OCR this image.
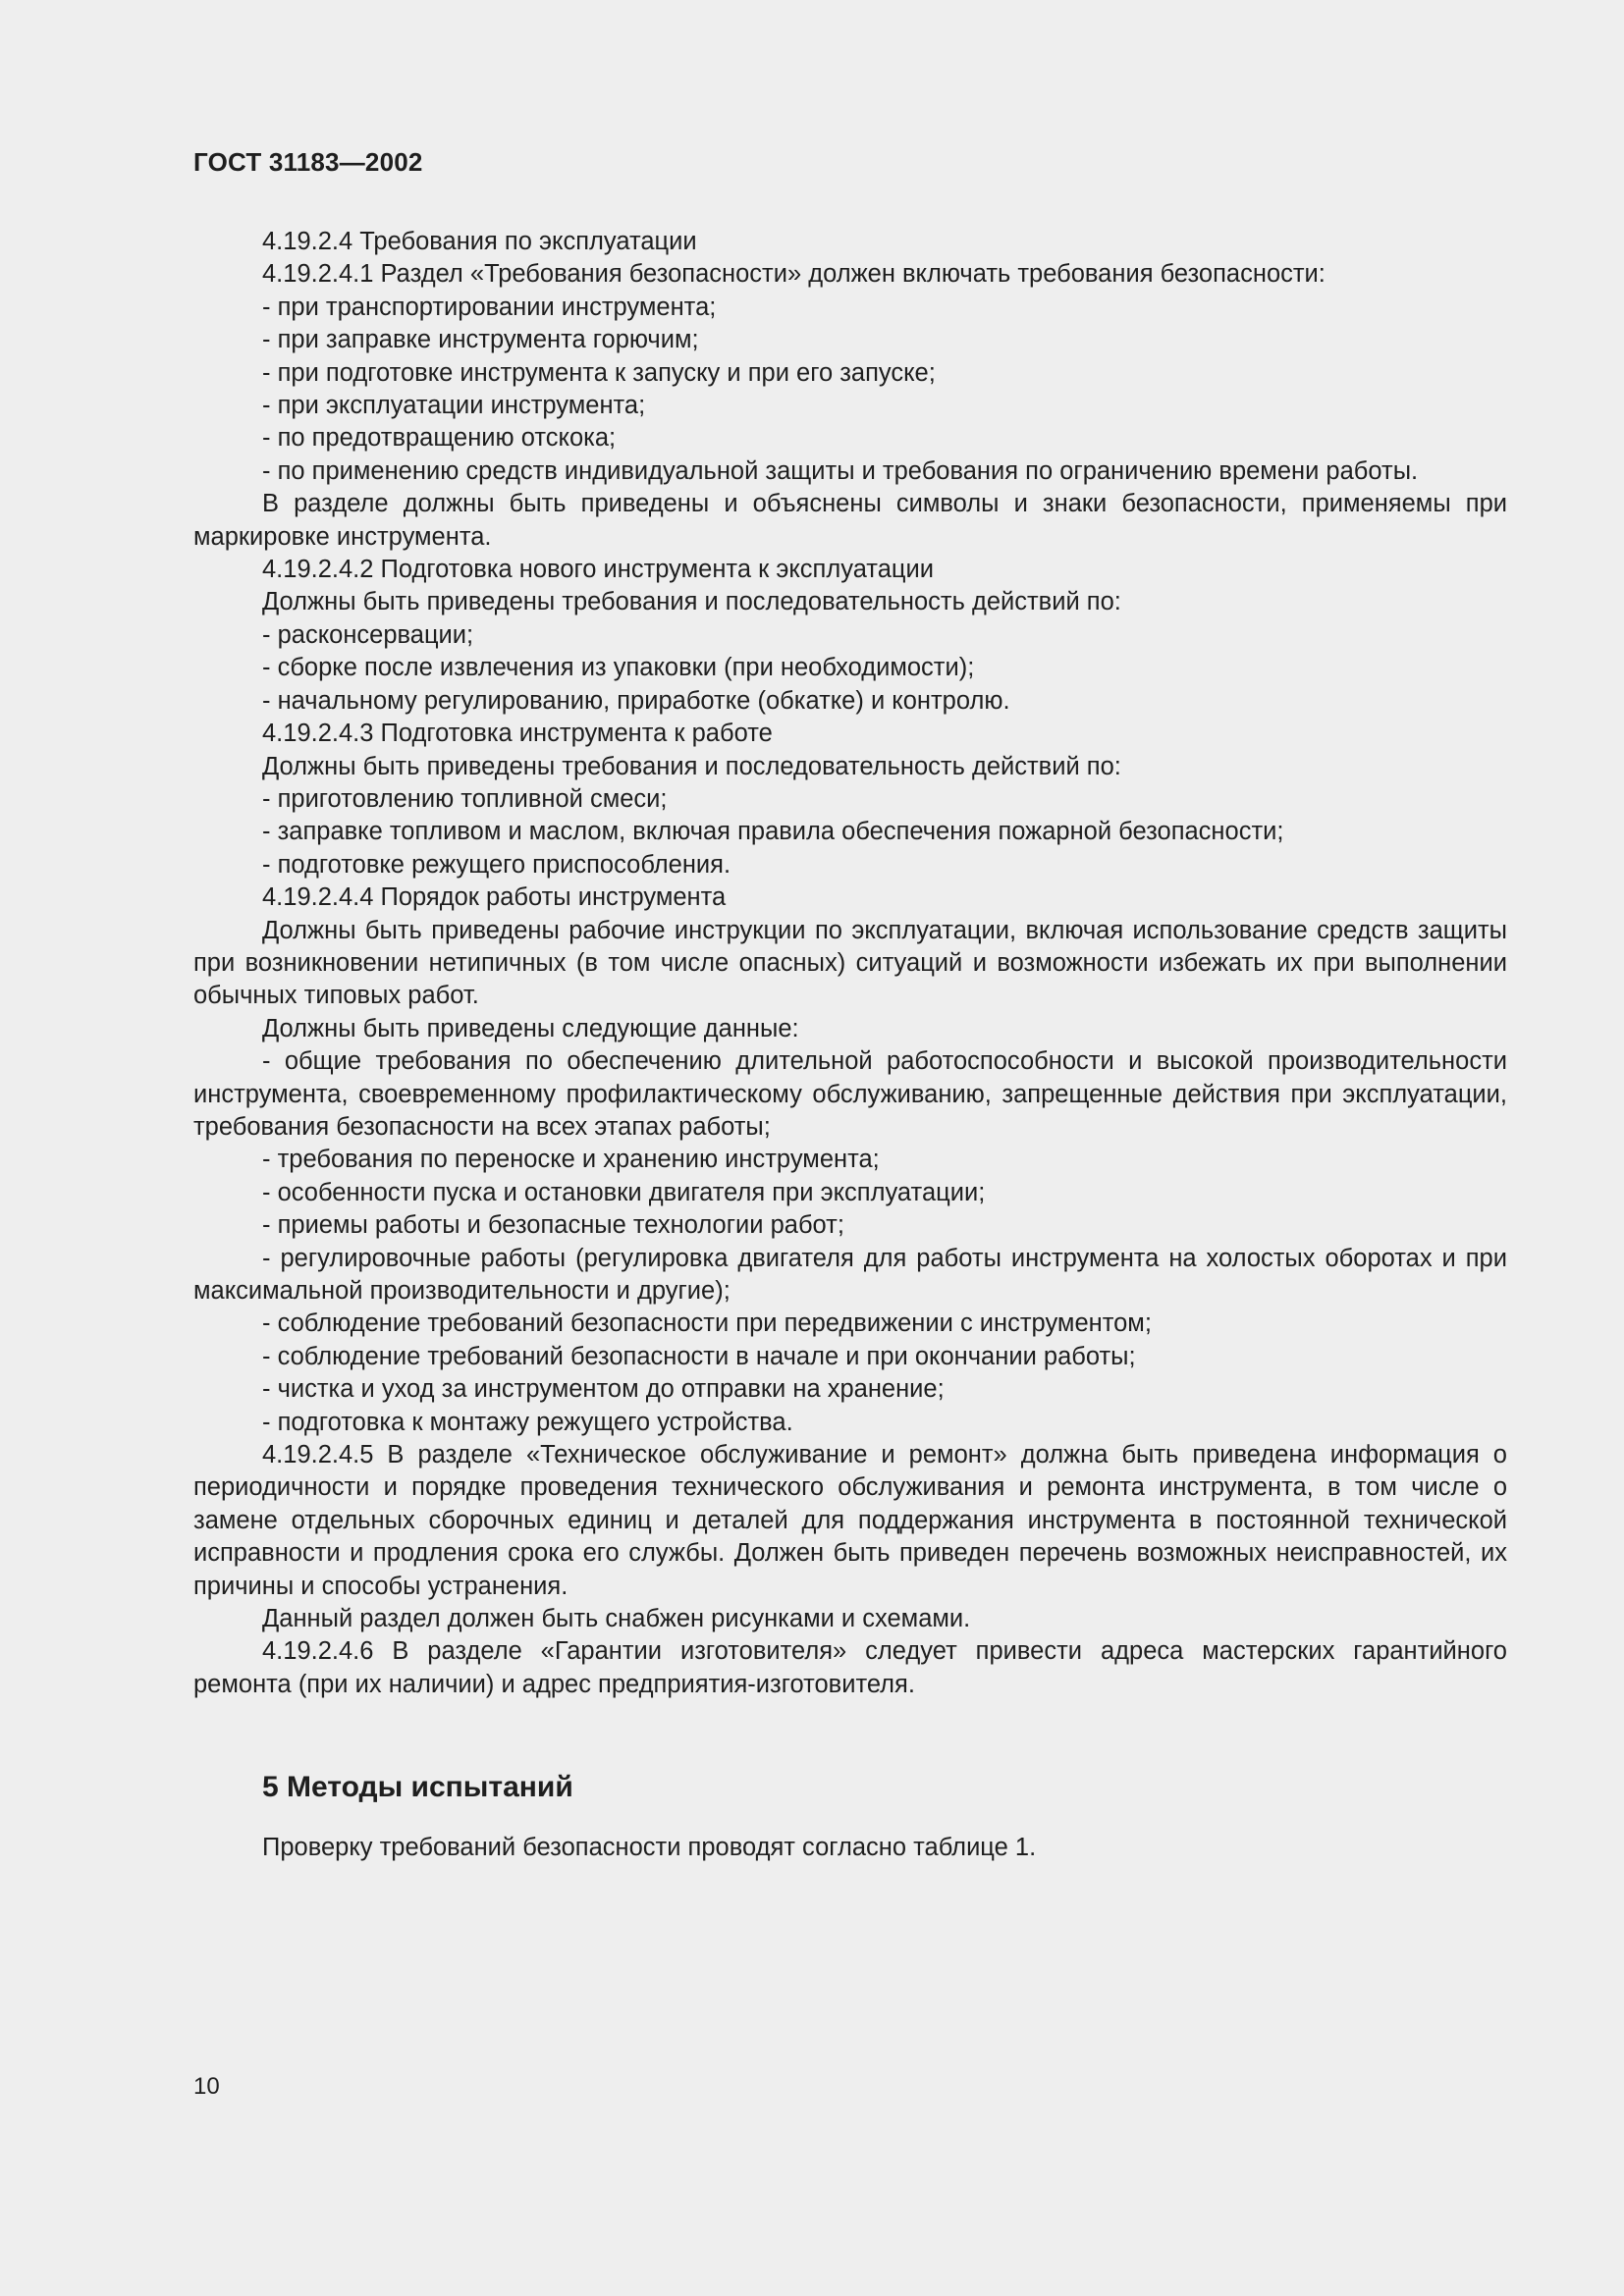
ГОСТ 31183—2002

4.19.2.4 Требования по эксплуатации

4.19.2.4.1 Раздел «Требования безопасности» должен включать требования безопасности:

- при транспортировании инструмента;

- при заправке инструмента горючим;

- при подготовке инструмента к запуску и при его запуске;

- при эксплуатации инструмента;

- по предотвращению отскока;

- по применению средств индивидуальной защиты и требования по ограничению времени работы.

В разделе должны быть приведены и объяснены символы и знаки безопасности, применяемы при маркировке инструмента.

4.19.2.4.2 Подготовка нового инструмента к эксплуатации

Должны быть приведены требования и последовательность действий по:

- расконсервации;

- сборке после извлечения из упаковки (при необходимости);

- начальному регулированию, приработке (обкатке) и контролю.

4.19.2.4.3 Подготовка инструмента к работе

Должны быть приведены требования и последовательность действий по:

- приготовлению топливной смеси;

- заправке топливом и маслом, включая правила обеспечения пожарной безопасности;

- подготовке режущего приспособления.

4.19.2.4.4 Порядок работы инструмента

Должны быть приведены рабочие инструкции по эксплуатации, включая использование средств защиты при возникновении нетипичных (в том числе опасных) ситуаций и возможности избежать их при выполнении обычных типовых работ.

Должны быть приведены следующие данные:

- общие требования по обеспечению длительной работоспособности и высокой производительности инструмента, своевременному профилактическому обслуживанию, запрещенные действия при эксплуатации, требования безопасности на всех этапах работы;

- требования по переноске и хранению инструмента;

- особенности пуска и остановки двигателя при эксплуатации;

- приемы работы и безопасные технологии работ;

- регулировочные работы (регулировка двигателя для работы инструмента на холостых оборотах и при максимальной производительности и другие);

- соблюдение требований безопасности при передвижении с инструментом;

- соблюдение требований безопасности в начале и при окончании работы;

- чистка и уход за инструментом до отправки на хранение;

- подготовка к монтажу режущего устройства.

4.19.2.4.5 В разделе «Техническое обслуживание и ремонт» должна быть приведена информация о периодичности и порядке проведения технического обслуживания и ремонта инструмента, в том числе о замене отдельных сборочных единиц и деталей для поддержания инструмента в постоянной технической исправности и продления срока его службы. Должен быть приведен перечень возможных неисправностей, их причины и способы устранения.

Данный раздел должен быть снабжен рисунками и схемами.

4.19.2.4.6 В разделе «Гарантии изготовителя» следует привести адреса мастерских гарантийного ремонта (при их наличии) и адрес предприятия-изготовителя.

5 Методы испытаний
Проверку требований безопасности проводят согласно таблице 1.
10
